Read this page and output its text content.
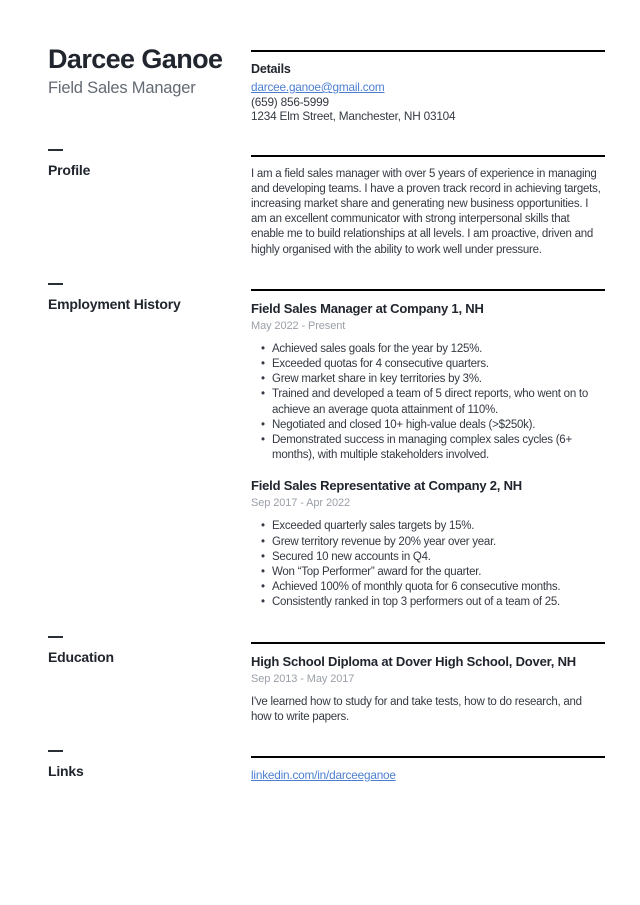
Darcee Ganoe
Field Sales Manager
Details
darcee.ganoe@gmail.com
(659) 856-5999
1234 Elm Street, Manchester, NH 03104
Profile	I am a field sales manager with over 5 years of experience in managing and developing teams. I have a proven track record in achieving targets, increasing market share and generating new business opportunities. I am an excellent communicator with strong interpersonal skills that enable me to build relationships at all levels. I am proactive, driven and highly organised with the ability to work well under pressure.

Employment History	Field Sales Manager at Company 1, NH
May 2022 - Present
• Achieved sales goals for the year by 125%.
• Exceeded quotas for 4 consecutive quarters.
• Grew market share in key territories by 3%.
• Trained and developed a team of 5 direct reports, who went on to achieve an average quota attainment of 110%.
• Negotiated and closed 10+ high-value deals (>$250k).
• Demonstrated success in managing complex sales cycles (6+ months), with multiple stakeholders involved.
Field Sales Representative at Company 2, NH
Sep 2017 - Apr 2022
• Exceeded quarterly sales targets by 15%.
• Grew territory revenue by 20% year over year.
• Secured 10 new accounts in Q4.
• Won “Top Performer” award for the quarter.
• Achieved 100% of monthly quota for 6 consecutive months.
• Consistently ranked in top 3 performers out of a team of 25.
Education	High School Diploma at Dover High School, Dover, NH
Sep 2013 - May 2017

I've learned how to study for and take tests, how to do research, and how to write papers.

Links	linkedin.com/in/darceeganoe
